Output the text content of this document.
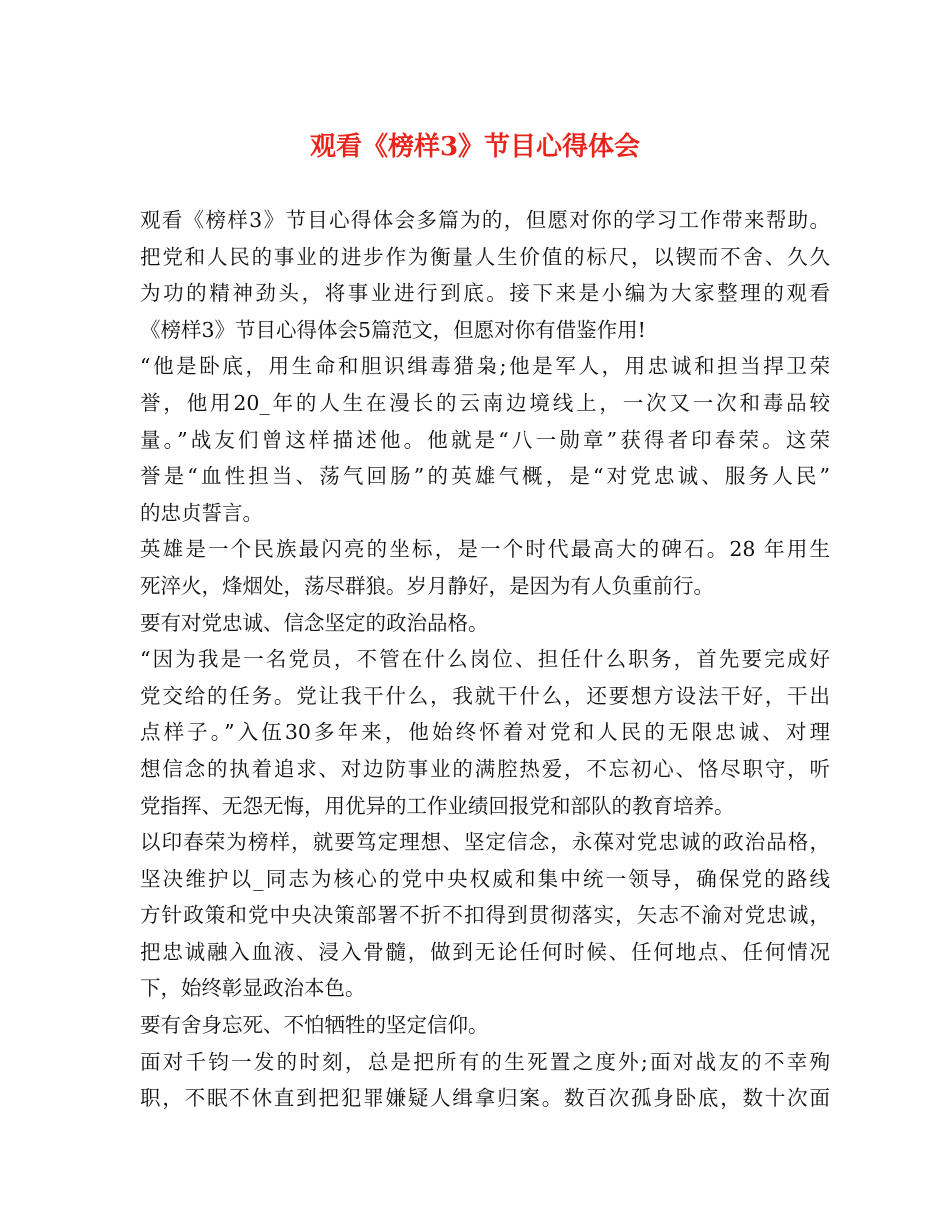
观看《榜样3》节目心得体会
观看《榜样3》节目心得体会多篇为的，但愿对你的学习工作带来帮助。
把党和人民的事业的进步作为衡量人生价值的标尺，以锲而不舍、久久
为功的精神劲头，将事业进行到底。接下来是小编为大家整理的观看
《榜样3》节目心得体会5篇范文，但愿对你有借鉴作用!
“他是卧底，用生命和胆识缉毒猎枭;他是军人，用忠诚和担当捍卫荣
誉，他用20_年的人生在漫长的云南边境线上，一次又一次和毒品较
量。”战友们曾这样描述他。他就是“八一勋章”获得者印春荣。这荣
誉是“血性担当、荡气回肠”的英雄气概，是“对党忠诚、服务人民”
的忠贞誓言。
英雄是一个民族最闪亮的坐标，是一个时代最高大的碑石。28 年用生
死淬火，烽烟处，荡尽群狼。岁月静好，是因为有人负重前行。
要有对党忠诚、信念坚定的政治品格。
“因为我是一名党员，不管在什么岗位、担任什么职务，首先要完成好
党交给的任务。党让我干什么，我就干什么，还要想方设法干好，干出
点样子。”入伍30多年来，他始终怀着对党和人民的无限忠诚、对理
想信念的执着追求、对边防事业的满腔热爱，不忘初心、恪尽职守，听
党指挥、无怨无悔，用优异的工作业绩回报党和部队的教育培养。
以印春荣为榜样，就要笃定理想、坚定信念，永葆对党忠诚的政治品格，
坚决维护以_同志为核心的党中央权威和集中统一领导，确保党的路线
方针政策和党中央决策部署不折不扣得到贯彻落实，矢志不渝对党忠诚，
把忠诚融入血液、浸入骨髓，做到无论任何时候、任何地点、任何情况
下，始终彰显政治本色。
要有舍身忘死、不怕牺牲的坚定信仰。
面对千钧一发的时刻，总是把所有的生死置之度外;面对战友的不幸殉
职，不眠不休直到把犯罪嫌疑人缉拿归案。数百次孤身卧底，数十次面
